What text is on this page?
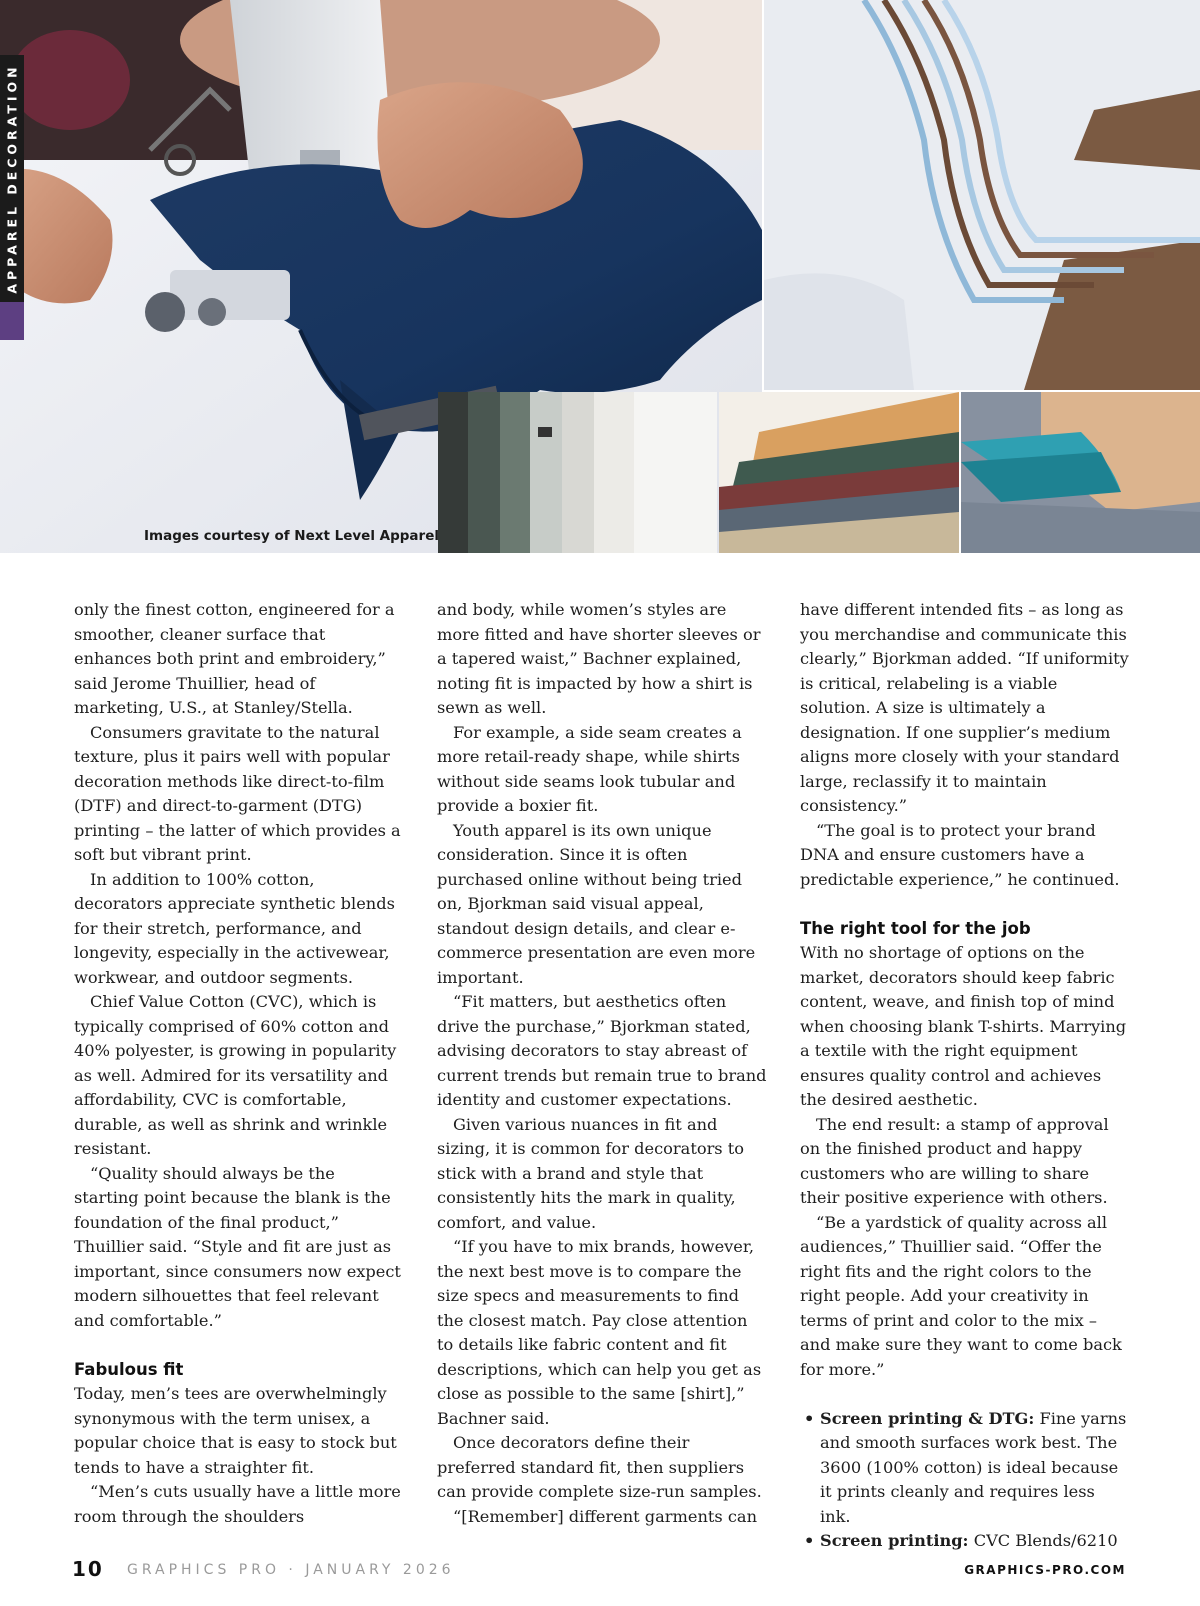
APPAREL DECORATION
Images courtesy of Next Level Apparel

only the finest cotton, engineered for a smoother, cleaner surface that enhances both print and embroidery,” said Jerome Thuillier, head of marketing, U.S., at Stanley/Stella.

Consumers gravitate to the natural texture, plus it pairs well with popular decoration methods like direct-to-film (DTF) and direct-to-garment (DTG) printing – the latter of which provides a soft but vibrant print.

In addition to 100% cotton, decorators appreciate synthetic blends for their stretch, performance, and longevity, especially in the activewear, workwear, and outdoor segments.

Chief Value Cotton (CVC), which is typically comprised of 60% cotton and 40% polyester, is growing in popularity as well. Admired for its versatility and affordability, CVC is comfortable, durable, as well as shrink and wrinkle resistant.

“Quality should always be the starting point because the blank is the foundation of the final product,” Thuillier said. “Style and fit are just as important, since consumers now expect modern silhouettes that feel relevant and comfortable.”

Fabulous fit

Today, men’s tees are overwhelmingly synonymous with the term unisex, a popular choice that is easy to stock but tends to have a straighter fit.

“Men’s cuts usually have a little more room through the shoulders

and body, while women’s styles are more fitted and have shorter sleeves or a tapered waist,” Bachner explained, noting fit is impacted by how a shirt is sewn as well.

For example, a side seam creates a more retail-ready shape, while shirts without side seams look tubular and provide a boxier fit.

Youth apparel is its own unique consideration. Since it is often purchased online without being tried on, Bjorkman said visual appeal, standout design details, and clear e-commerce presentation are even more important.

“Fit matters, but aesthetics often drive the purchase,” Bjorkman stated, advising decorators to stay abreast of current trends but remain true to brand identity and customer expectations.

Given various nuances in fit and sizing, it is common for decorators to stick with a brand and style that consistently hits the mark in quality, comfort, and value.

“If you have to mix brands, however, the next best move is to compare the size specs and measurements to find the closest match. Pay close attention to details like fabric content and fit descriptions, which can help you get as close as possible to the same [shirt],” Bachner said.

Once decorators define their preferred standard fit, then suppliers can provide complete size-run samples.

“[Remember] different garments can

have different intended fits – as long as you merchandise and communicate this clearly,” Bjorkman added. “If uniformity is critical, relabeling is a viable solution. A size is ultimately a designation. If one supplier’s medium aligns more closely with your standard large, reclassify it to maintain consistency.”

“The goal is to protect your brand DNA and ensure customers have a predictable experience,” he continued.

The right tool for the job

With no shortage of options on the market, decorators should keep fabric content, weave, and finish top of mind when choosing blank T-shirts. Marrying a textile with the right equipment ensures quality control and achieves the desired aesthetic.

The end result: a stamp of approval on the finished product and happy customers who are willing to share their positive experience with others.

“Be a yardstick of quality across all audiences,” Thuillier said. “Offer the right fits and the right colors to the right people. Add your creativity in terms of print and color to the mix – and make sure they want to come back for more.”

• Screen printing & DTG: Fine yarns and smooth surfaces work best. The 3600 (100% cotton) is ideal because it prints cleanly and requires less ink.
• Screen printing: CVC Blends/6210
10 GRAPHICS PRO · JANUARY 2026	GRAPHICS-PRO.COM
